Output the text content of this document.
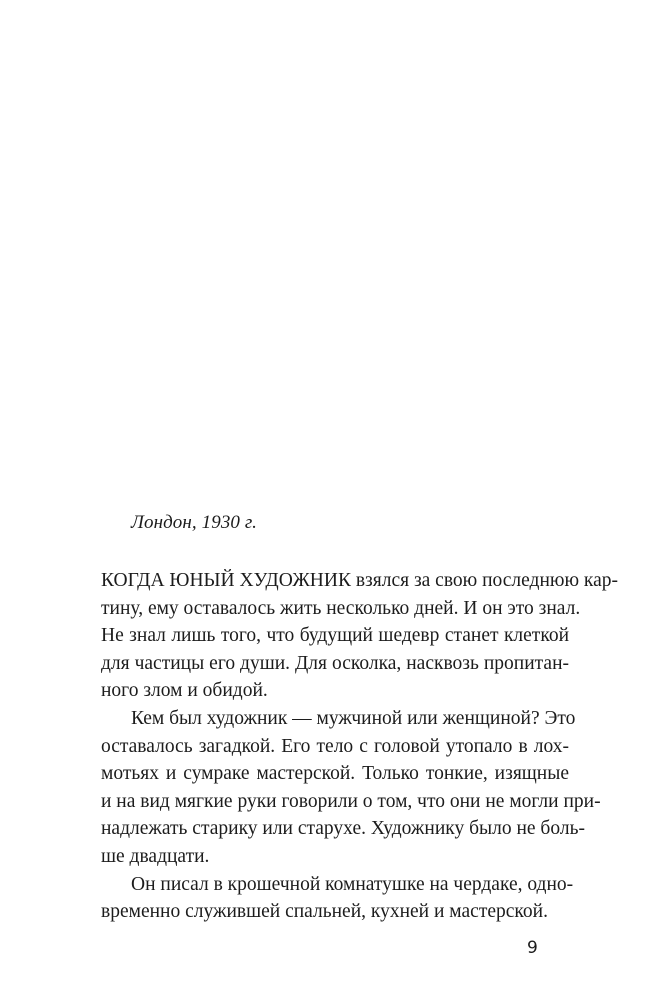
Лондон, 1930 г.
КОГДА ЮНЫЙ ХУДОЖНИК взялся за свою последнюю кар-
тину, ему оставалось жить несколько дней. И он это знал.
Не знал лишь того, что будущий шедевр станет клеткой
для частицы его души. Для осколка, насквозь пропитан-
ного злом и обидой.
Кем был художник — мужчиной или женщиной? Это
оставалось загадкой. Его тело с головой утопало в лох-
мотьях и сумраке мастерской. Только тонкие, изящные
и на вид мягкие руки говорили о том, что они не могли при-
надлежать старику или старухе. Художнику было не боль-
ше двадцати.
Он писал в крошечной комнатушке на чердаке, одно-
временно служившей спальней, кухней и мастерской.
9
